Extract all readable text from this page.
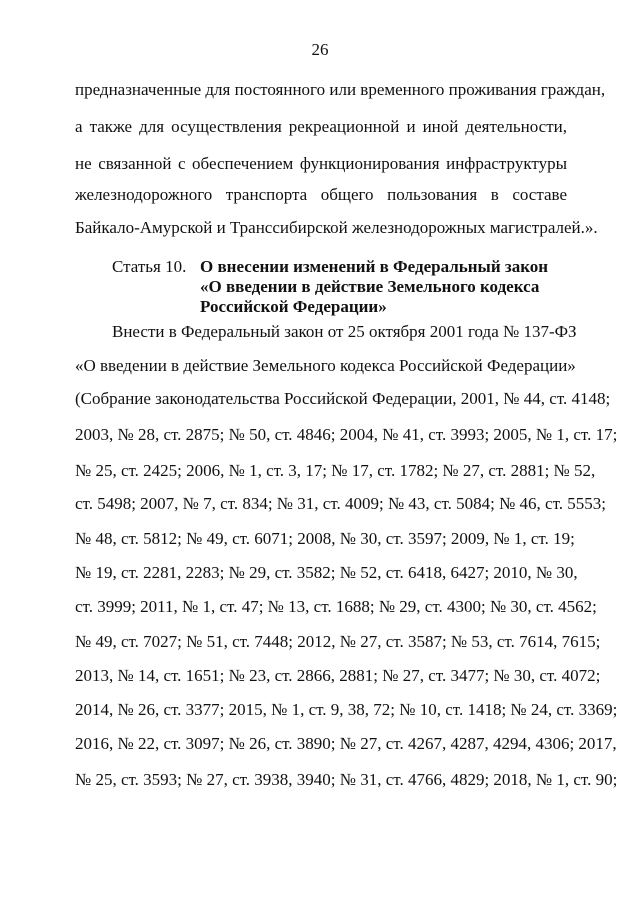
26
предназначенные для постоянного или временного проживания граждан,
а также для осуществления рекреационной и иной деятельности,
не связанной с обеспечением функционирования инфраструктуры
железнодорожного транспорта общего пользования в составе
Байкало-Амурской и Транссибирской железнодорожных магистралей.».
Статья 10. О внесении изменений в Федеральный закон
«О введении в действие Земельного кодекса
Российской Федерации»
Внести в Федеральный закон от 25 октября 2001 года № 137-ФЗ
«О введении в действие Земельного кодекса Российской Федерации»
(Собрание законодательства Российской Федерации, 2001, № 44, ст. 4148;
2003, № 28, ст. 2875; № 50, ст. 4846; 2004, № 41, ст. 3993; 2005, № 1, ст. 17;
№ 25, ст. 2425; 2006, № 1, ст. 3, 17; № 17, ст. 1782; № 27, ст. 2881; № 52,
ст. 5498; 2007, № 7, ст. 834; № 31, ст. 4009; № 43, ст. 5084; № 46, ст. 5553;
№ 48, ст. 5812; № 49, ст. 6071; 2008, № 30, ст. 3597; 2009, № 1, ст. 19;
№ 19, ст. 2281, 2283; № 29, ст. 3582; № 52, ст. 6418, 6427; 2010, № 30,
ст. 3999; 2011, № 1, ст. 47; № 13, ст. 1688; № 29, ст. 4300; № 30, ст. 4562;
№ 49, ст. 7027; № 51, ст. 7448; 2012, № 27, ст. 3587; № 53, ст. 7614, 7615;
2013, № 14, ст. 1651; № 23, ст. 2866, 2881; № 27, ст. 3477; № 30, ст. 4072;
2014, № 26, ст. 3377; 2015, № 1, ст. 9, 38, 72; № 10, ст. 1418; № 24, ст. 3369;
2016, № 22, ст. 3097; № 26, ст. 3890; № 27, ст. 4267, 4287, 4294, 4306; 2017,
№ 25, ст. 3593; № 27, ст. 3938, 3940; № 31, ст. 4766, 4829; 2018, № 1, ст. 90;
